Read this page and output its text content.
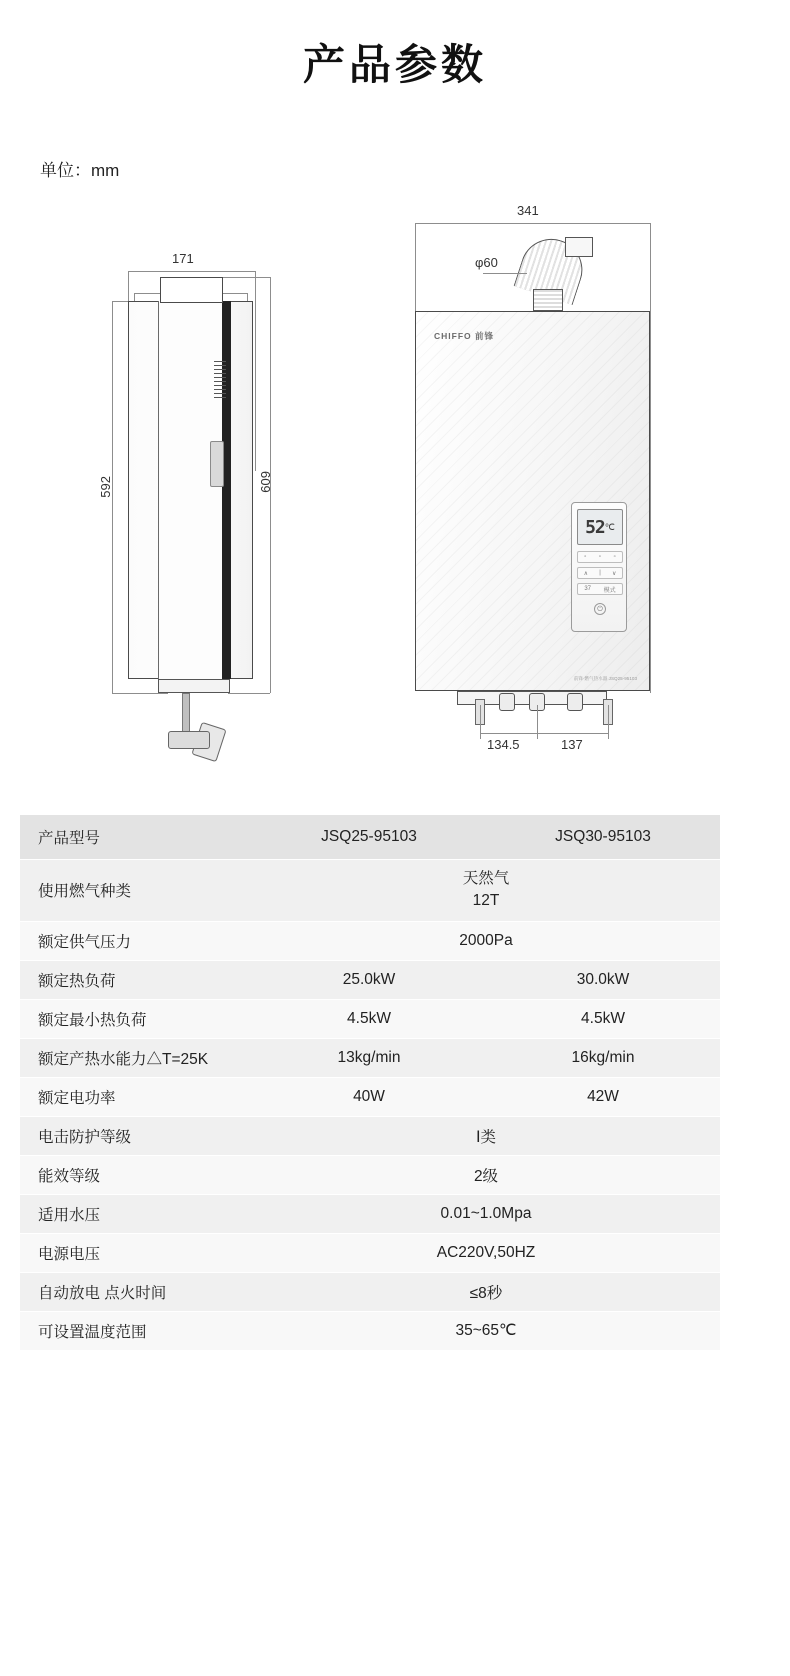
产品参数
单位：mm
171
592	609
341
φ60
CHIFFO 前锋
52 ℃
▫ ▫ ▫
∧ | ∨
37 模式
⏻
前锋·燃气热水器 JSQ25-95103
134.5	137
产品型号	JSQ25-95103	JSQ30-95103
使用燃气种类	天然气
12T	

额定供气压力	2000Pa	
额定热负荷	25.0kW	30.0kW
额定最小热负荷	4.5kW	4.5kW
额定产热水能力△T=25K	13kg/min	16kg/min
额定电功率	40W	42W
电击防护等级	Ⅰ类	
能效等级	2级	
适用水压	0.01~1.0Mpa	
电源电压	AC220V,50HZ	
自动放电 点火时间	≤8秒	
可设置温度范围	35~65℃	
